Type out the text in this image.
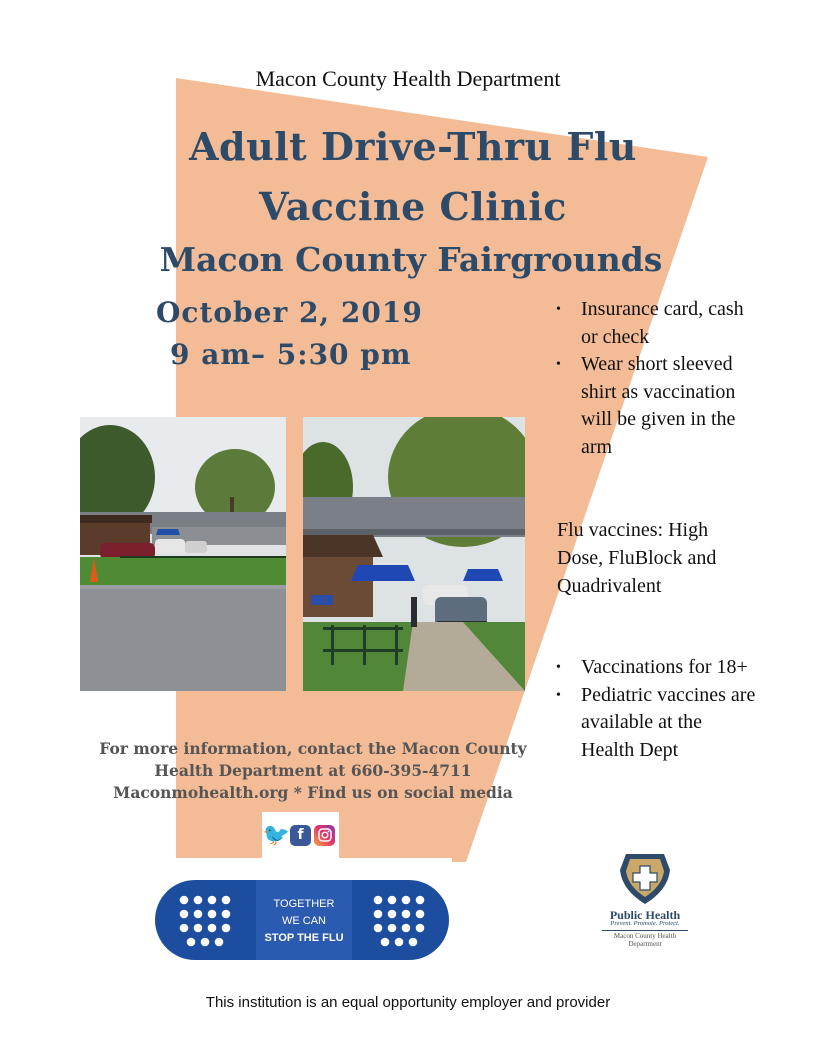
Macon County Health Department
Adult Drive-Thru Flu
Vaccine Clinic
Macon County Fairgrounds
October 2, 2019
9 am– 5:30 pm
• Insurance card, cash or check
• Wear short sleeved shirt as vaccination will be given in the arm
Flu vaccines: High Dose, FluBlock and Quadrivalent
• Vaccinations for 18+
• Pediatric vaccines are available at the Health Dept
For more information, contact the Macon County
Health Department at 660-395-4711
Maconmohealth.org * Find us on social media
🐦 f
TOGETHER
WE CAN
STOP THE FLU
Public Health
Prevent. Promote. Protect.
Macon County Health
Department
This institution is an equal opportunity employer and provider
